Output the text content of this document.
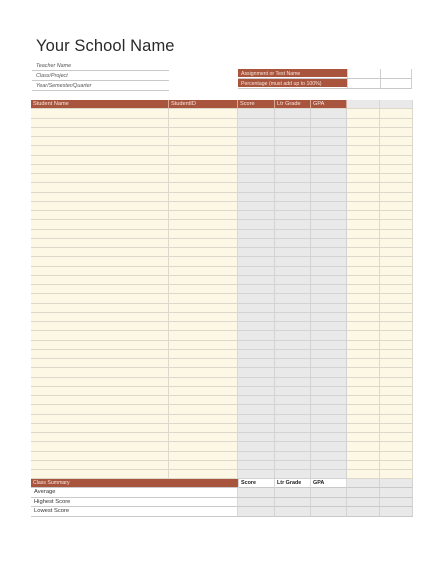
Your School Name
Teacher Name
Class/Project
Year/Semester/Quarter
Assignment or Test Name
Percentage (must add up to 100%)
Student Name	StudentID	Score	Ltr Grade	GPA
Class Summary	Score	Ltr Grade	GPA
Average
Highest Score
Lowest Score
